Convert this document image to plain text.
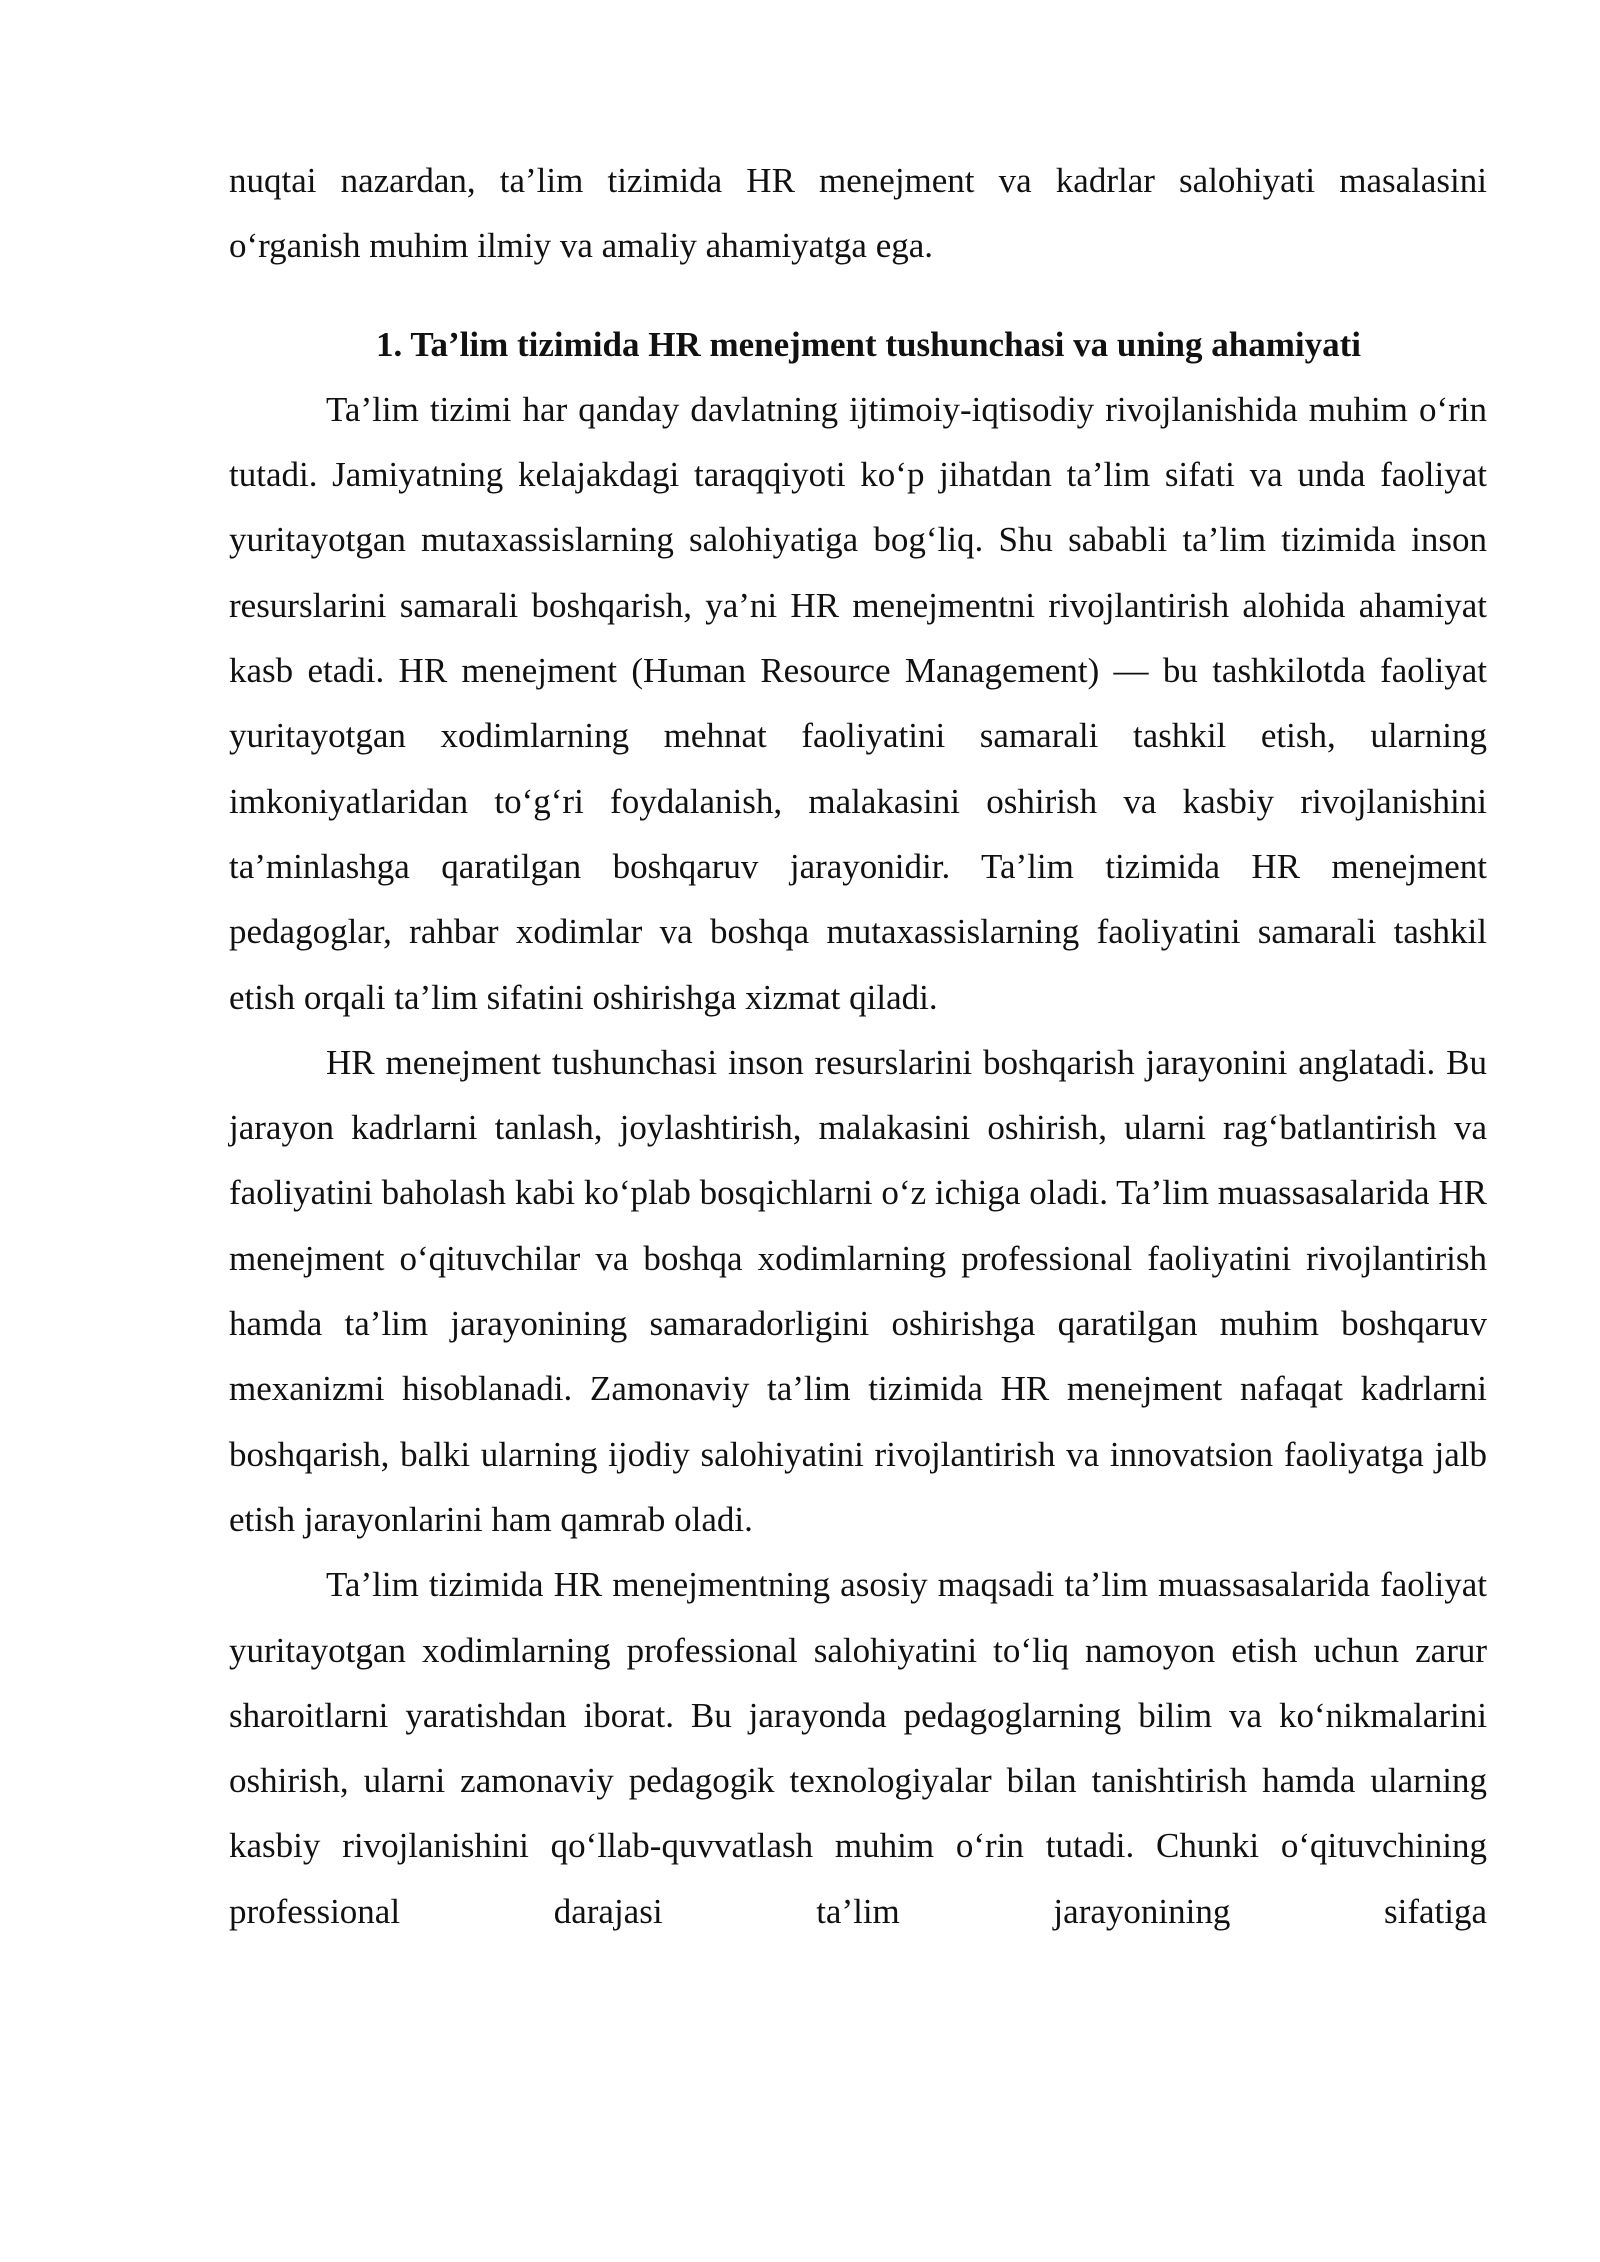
nuqtai nazardan, ta’lim tizimida HR menejment va kadrlar salohiyati masalasini o‘rganish muhim ilmiy va amaliy ahamiyatga ega.

1. Ta’lim tizimida HR menejment tushunchasi va uning ahamiyati

Ta’lim tizimi har qanday davlatning ijtimoiy-iqtisodiy rivojlanishida muhim o‘rin tutadi. Jamiyatning kelajakdagi taraqqiyoti ko‘p jihatdan ta’lim sifati va unda faoliyat yuritayotgan mutaxassislarning salohiyatiga bog‘liq. Shu sababli ta’lim tizimida inson resurslarini samarali boshqarish, ya’ni HR menejmentni rivojlantirish alohida ahamiyat kasb etadi. HR menejment (Human Resource Management) — bu tashkilotda faoliyat yuritayotgan xodimlarning mehnat faoliyatini samarali tashkil etish, ularning imkoniyatlaridan to‘g‘ri foydalanish, malakasini oshirish va kasbiy rivojlanishini ta’minlashga qaratilgan boshqaruv jarayonidir. Ta’lim tizimida HR menejment pedagoglar, rahbar xodimlar va boshqa mutaxassislarning faoliyatini samarali tashkil etish orqali ta’lim sifatini oshirishga xizmat qiladi.

HR menejment tushunchasi inson resurslarini boshqarish jarayonini anglatadi. Bu jarayon kadrlarni tanlash, joylashtirish, malakasini oshirish, ularni rag‘batlantirish va faoliyatini baholash kabi ko‘plab bosqichlarni o‘z ichiga oladi. Ta’lim muassasalarida HR menejment o‘qituvchilar va boshqa xodimlarning professional faoliyatini rivojlantirish hamda ta’lim jarayonining samaradorligini oshirishga qaratilgan muhim boshqaruv mexanizmi hisoblanadi. Zamonaviy ta’lim tizimida HR menejment nafaqat kadrlarni boshqarish, balki ularning ijodiy salohiyatini rivojlantirish va innovatsion faoliyatga jalb etish jarayonlarini ham qamrab oladi.

Ta’lim tizimida HR menejmentning asosiy maqsadi ta’lim muassasalarida faoliyat yuritayotgan xodimlarning professional salohiyatini to‘liq namoyon etish uchun zarur sharoitlarni yaratishdan iborat. Bu jarayonda pedagoglarning bilim va ko‘nikmalarini oshirish, ularni zamonaviy pedagogik texnologiyalar bilan tanishtirish hamda ularning kasbiy rivojlanishini qo‘llab-quvvatlash muhim o‘rin tutadi. Chunki o‘qituvchining professional darajasi ta’lim jarayonining sifatiga
